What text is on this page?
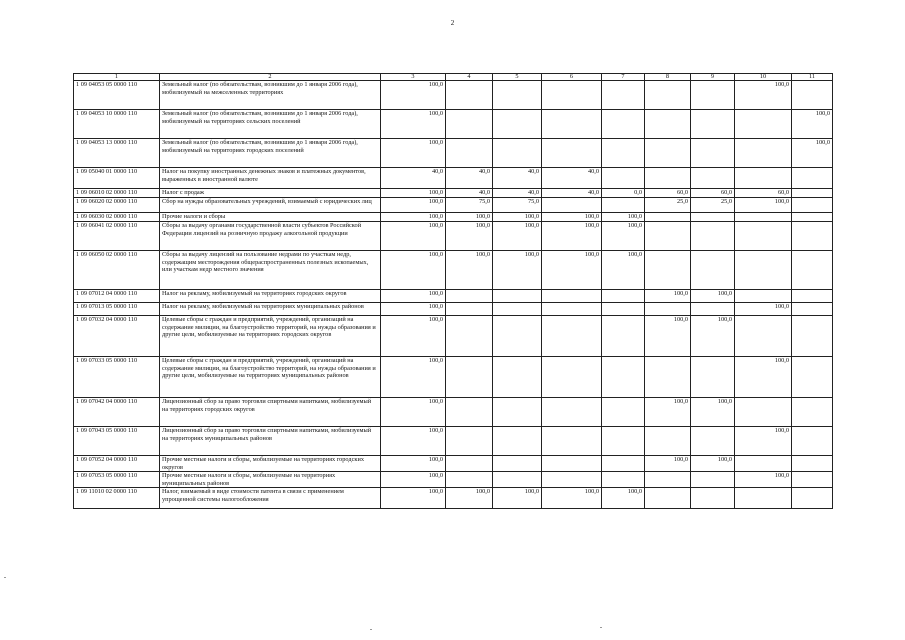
2
1	2	3	4	5	6	7	8	9	10	11
1 09 04053 05 0000 110	Земельный налог (по обязательствам, возникшим до 1 января 2006 года), мобилизуемый на межселенных территориях	100,0							100,0	
1 09 04053 10 0000 110	Земельный налог (по обязательствам, возникшим до 1 января 2006 года), мобилизуемый на территориях сельских поселений	100,0								100,0
1 09 04053 13 0000 110	Земельный налог (по обязательствам, возникшим до 1 января 2006 года), мобилизуемый на территориях городских поселений	100,0								100,0
1 09 05040 01 0000 110	Налог на покупку иностранных денежных знаков и платежных документов, выраженных в иностранной валюте	40,0	40,0	40,0	40,0					
1 09 06010 02 0000 110	Налог с продаж	100,0	40,0	40,0	40,0	0,0	60,0	60,0	60,0	
1 09 06020 02 0000 110	Сбор на нужды образовательных учреждений, взимаемый с юридических лиц	100,0	75,0	75,0			25,0	25,0	100,0	
1 09 06030 02 0000 110	Прочие налоги и сборы	100,0	100,0	100,0	100,0	100,0				
1 09 06041 02 0000 110	Сборы за выдачу органами государственной власти субъектов Российской Федерации лицензий на розничную продажу алкогольной продукции	100,0	100,0	100,0	100,0	100,0				
1 09 06050 02 0000 110	Сборы за выдачу лицензий на пользование недрами по участкам недр, содержащим месторождения общераспространенных полезных ископаемых, или участкам недр местного значения	100,0	100,0	100,0	100,0	100,0				
1 09 07012 04 0000 110	Налог на рекламу, мобилизуемый на территориях городских округов	100,0					100,0	100,0		
1 09 07013 05 0000 110	Налог на рекламу, мобилизуемый на территориях муниципальных районов	100,0							100,0	
1 09 07032 04 0000 110	Целевые сборы с граждан и предприятий, учреждений, организаций на содержание милиции, на благоустройство территорий, на нужды образования и другие цели, мобилизуемые на территориях городских округов	100,0					100,0	100,0		
1 09 07033 05 0000 110	Целевые сборы с граждан и предприятий, учреждений, организаций на содержание милиции, на благоустройство территорий, на нужды образования и другие цели, мобилизуемые на территориях муниципальных районов	100,0							100,0	
1 09 07042 04 0000 110	Лицензионный сбор за право торговли спиртными напитками, мобилизуемый на территориях городских округов	100,0					100,0	100,0		
1 09 07043 05 0000 110	Лицензионный сбор за право торговли спиртными напитками, мобилизуемый на территориях муниципальных районов	100,0							100,0	
1 09 07052 04 0000 110	Прочие местные налоги и сборы, мобилизуемые на территориях городских округов	100,0					100,0	100,0		
1 09 07053 05 0000 110	Прочие местные налоги и сборы, мобилизуемые на территориях муниципальных районов	100,0							100,0	
1 09 11010 02 0000 110	Налог, взимаемый в виде стоимости патента в связи с применением упрощенной системы налогообложения	100,0	100,0	100,0	100,0	100,0				
